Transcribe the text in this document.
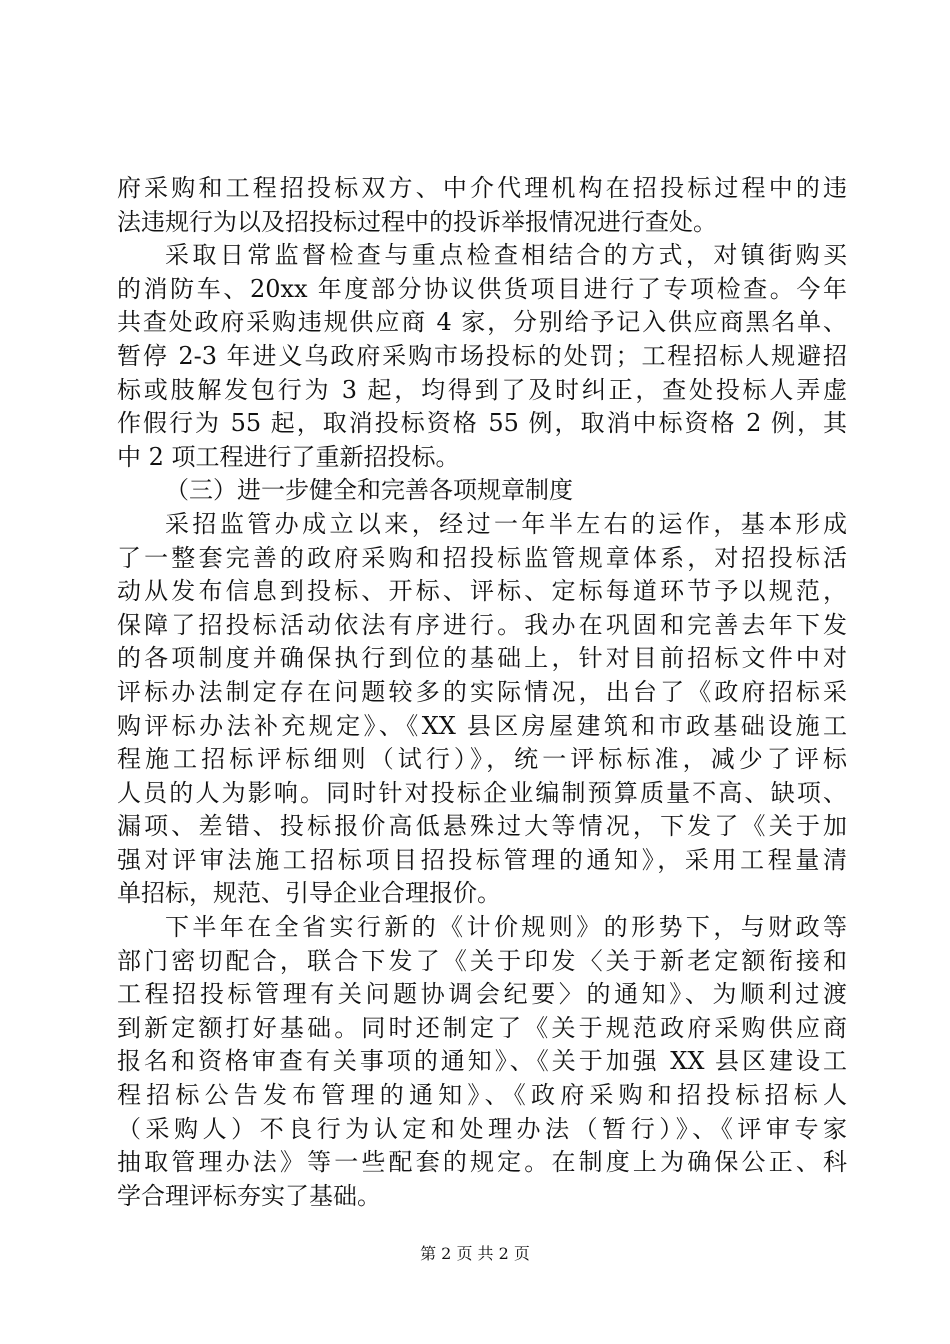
府采购和工程招投标双方、中介代理机构在招投标过程中的违
法违规行为以及招投标过程中的投诉举报情况进行查处。
采取日常监督检查与重点检查相结合的方式，对镇街购买
的消防车、20xx 年度部分协议供货项目进行了专项检查。今年
共查处政府采购违规供应商 4 家，分别给予记入供应商黑名单、
暂停 2-3 年进义乌政府采购市场投标的处罚；工程招标人规避招
标或肢解发包行为 3 起，均得到了及时纠正，查处投标人弄虚
作假行为 55 起，取消投标资格 55 例，取消中标资格 2 例，其
中 2 项工程进行了重新招投标。
（三）进一步健全和完善各项规章制度
采招监管办成立以来，经过一年半左右的运作，基本形成
了一整套完善的政府采购和招投标监管规章体系，对招投标活
动从发布信息到投标、开标、评标、定标每道环节予以规范，
保障了招投标活动依法有序进行。我办在巩固和完善去年下发
的各项制度并确保执行到位的基础上，针对目前招标文件中对
评标办法制定存在问题较多的实际情况，出台了《政府招标采
购评标办法补充规定》、《XX 县区房屋建筑和市政基础设施工
程施工招标评标细则（试行）》，统一评标标准，减少了评标
人员的人为影响。同时针对投标企业编制预算质量不高、缺项、
漏项、差错、投标报价高低悬殊过大等情况，下发了《关于加
强对评审法施工招标项目招投标管理的通知》，采用工程量清
单招标，规范、引导企业合理报价。
下半年在全省实行新的《计价规则》的形势下，与财政等
部门密切配合，联合下发了《关于印发〈关于新老定额衔接和
工程招投标管理有关问题协调会纪要〉的通知》、为顺利过渡
到新定额打好基础。同时还制定了《关于规范政府采购供应商
报名和资格审查有关事项的通知》、《关于加强 XX 县区建设工
程招标公告发布管理的通知》、《政府采购和招投标招标人
（采购人）不良行为认定和处理办法（暂行）》、《评审专家
抽取管理办法》等一些配套的规定。在制度上为确保公正、科
学合理评标夯实了基础。
第 2 页 共 2 页
